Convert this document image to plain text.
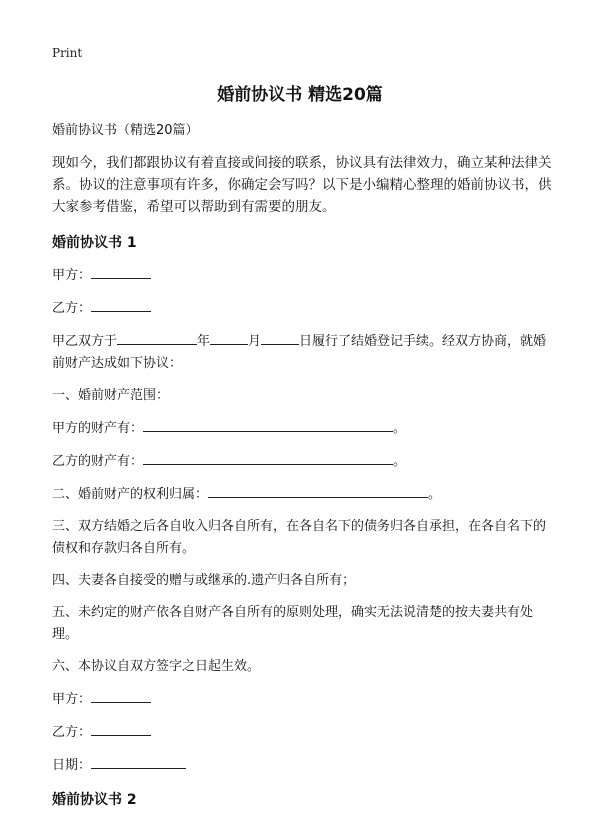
Print
婚前协议书 精选20篇

婚前协议书（精选20篇）

现如今，我们都跟协议有着直接或间接的联系，协议具有法律效力，确立某种法律关系。协议的注意事项有许多，你确定会写吗？以下是小编精心整理的婚前协议书，供大家参考借鉴，希望可以帮助到有需要的朋友。

婚前协议书 1

甲方：

乙方：

甲乙双方于	年	月	日履行了结婚登记手续。经双方协商，就婚前财产达成如下协议：

一、婚前财产范围：

甲方的财产有：	。

乙方的财产有：	。

二、婚前财产的权利归属：	。

三、双方结婚之后各自收入归各自所有，在各自名下的债务归各自承担，在各自名下的债权和存款归各自所有。

四、夫妻各自接受的赠与或继承的.遗产归各自所有；

五、未约定的财产依各自财产各自所有的原则处理，确实无法说清楚的按夫妻共有处理。

六、本协议自双方签字之日起生效。

甲方：

乙方：

日期：

婚前协议书 2
